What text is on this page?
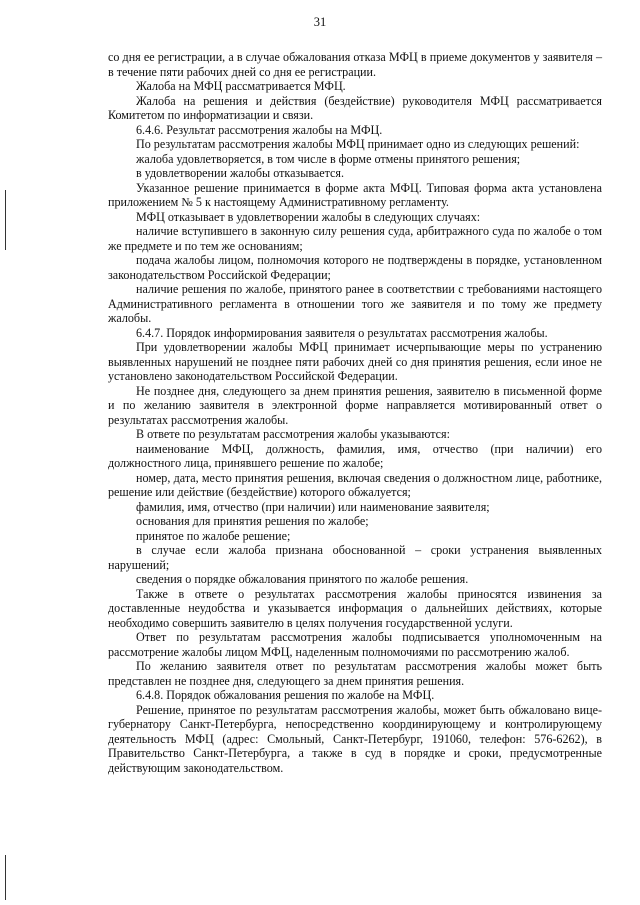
31

со дня ее регистрации, а в случае обжалования отказа МФЦ в приеме документов у заявителя – в течение пяти рабочих дней со дня ее регистрации.

Жалоба на МФЦ рассматривается МФЦ.

Жалоба на решения и действия (бездействие) руководителя МФЦ рассматривается Комитетом по информатизации и связи.

6.4.6. Результат рассмотрения жалобы на МФЦ.

По результатам рассмотрения жалобы МФЦ принимает одно из следующих решений:

жалоба удовлетворяется, в том числе в форме отмены принятого решения;

в удовлетворении жалобы отказывается.

Указанное решение принимается в форме акта МФЦ. Типовая форма акта установлена приложением № 5 к настоящему Административному регламенту.

МФЦ отказывает в удовлетворении жалобы в следующих случаях:

наличие вступившего в законную силу решения суда, арбитражного суда по жалобе о том же предмете и по тем же основаниям;

подача жалобы лицом, полномочия которого не подтверждены в порядке, установленном законодательством Российской Федерации;

наличие решения по жалобе, принятого ранее в соответствии с требованиями настоящего Административного регламента в отношении того же заявителя и по тому же предмету жалобы.

6.4.7. Порядок информирования заявителя о результатах рассмотрения жалобы.

При удовлетворении жалобы МФЦ принимает исчерпывающие меры по устранению выявленных нарушений не позднее пяти рабочих дней со дня принятия решения, если иное не установлено законодательством Российской Федерации.

Не позднее дня, следующего за днем принятия решения, заявителю в письменной форме и по желанию заявителя в электронной форме направляется мотивированный ответ о результатах рассмотрения жалобы.

В ответе по результатам рассмотрения жалобы указываются:

наименование МФЦ, должность, фамилия, имя, отчество (при наличии) его должностного лица, принявшего решение по жалобе;

номер, дата, место принятия решения, включая сведения о должностном лице, работнике, решение или действие (бездействие) которого обжалуется;

фамилия, имя, отчество (при наличии) или наименование заявителя;

основания для принятия решения по жалобе;

принятое по жалобе решение;

в случае если жалоба признана обоснованной – сроки устранения выявленных нарушений;

сведения о порядке обжалования принятого по жалобе решения.

Также в ответе о результатах рассмотрения жалобы приносятся извинения за доставленные неудобства и указывается информация о дальнейших действиях, которые необходимо совершить заявителю в целях получения государственной услуги.

Ответ по результатам рассмотрения жалобы подписывается уполномоченным на рассмотрение жалобы лицом МФЦ, наделенным полномочиями по рассмотрению жалоб.

По желанию заявителя ответ по результатам рассмотрения жалобы может быть представлен не позднее дня, следующего за днем принятия решения.

6.4.8. Порядок обжалования решения по жалобе на МФЦ.

Решение, принятое по результатам рассмотрения жалобы, может быть обжаловано вице-губернатору Санкт-Петербурга, непосредственно координирующему и контролирующему деятельность МФЦ (адрес: Смольный, Санкт-Петербург, 191060, телефон: 576-6262), в Правительство Санкт-Петербурга, а также в суд в порядке и сроки, предусмотренные действующим законодательством.
